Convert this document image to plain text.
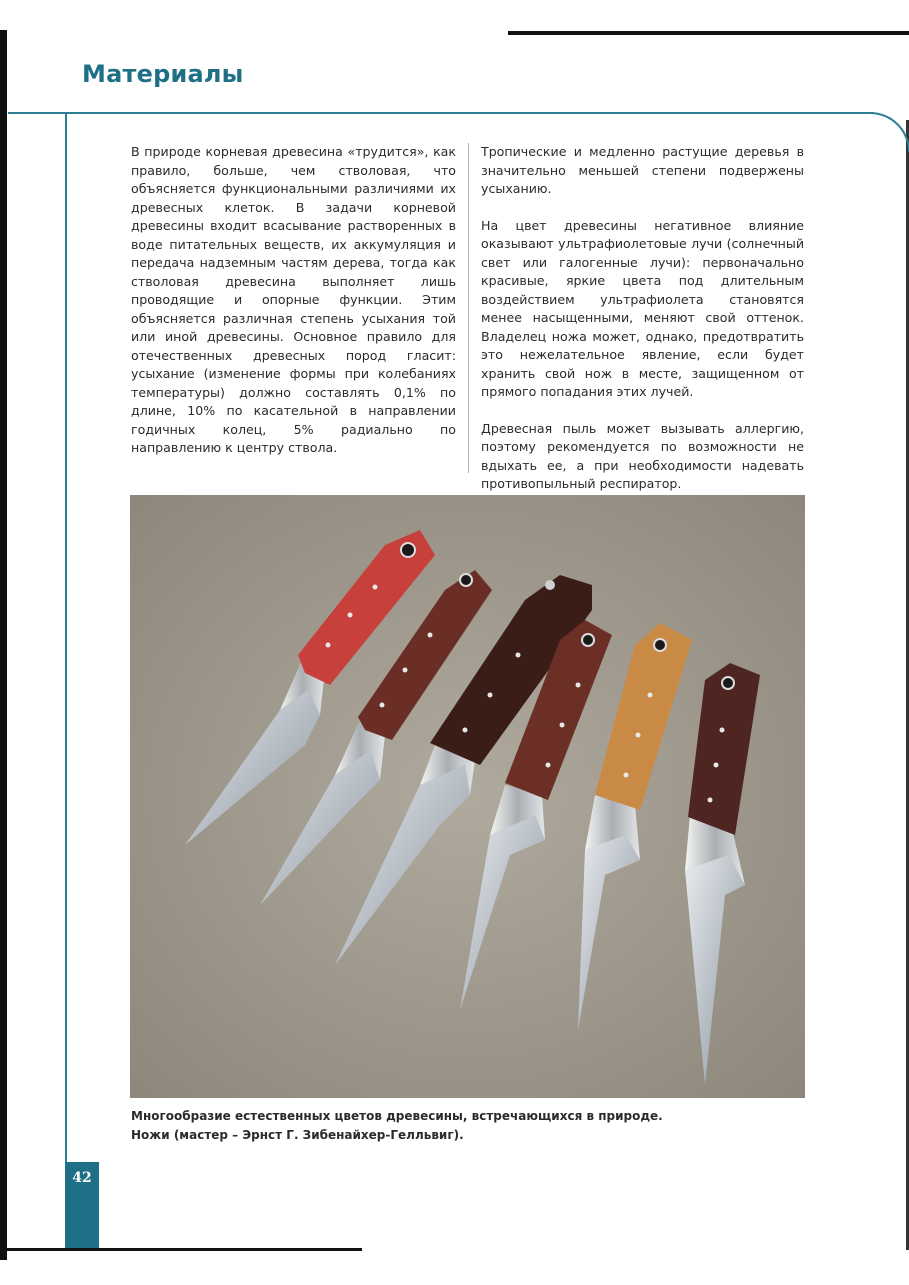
Материалы

В природе корневая древесина «трудится», как правило, больше, чем стволовая, что объясняется функциональными различиями их древесных клеток. В задачи корневой древесины входит всасывание растворенных в воде питательных веществ, их аккумуляция и передача надземным частям дерева, тогда как стволовая древесина выполняет лишь проводящие и опорные функции. Этим объясняется различная степень усыхания той или иной древесины. Основное правило для отечественных древесных пород гласит: усыхание (изменение формы при колебаниях температуры) должно составлять 0,1% по длине, 10% по касательной в направлении годичных колец, 5% радиально по направлению к центру ствола.

Тропические и медленно растущие деревья в значительно меньшей степени подвержены усыханию.

На цвет древесины негативное влияние оказывают ультрафиолетовые лучи (солнечный свет или галогенные лучи): первоначально красивые, яркие цвета под длительным воздействием ультрафиолета становятся менее насыщенными, меняют свой оттенок. Владелец ножа может, однако, предотвратить это нежелательное явление, если будет хранить свой нож в месте, защищенном от прямого попадания этих лучей.

Древесная пыль может вызывать аллергию, поэтому рекомендуется по возможности не вдыхать ее, а при необходимости надевать противопыльный респиратор.

Многообразие естественных цветов древесины, встречающихся в природе.
Ножи (мастер – Эрнст Г. Зибенайхер-Гелльвиг).
42
